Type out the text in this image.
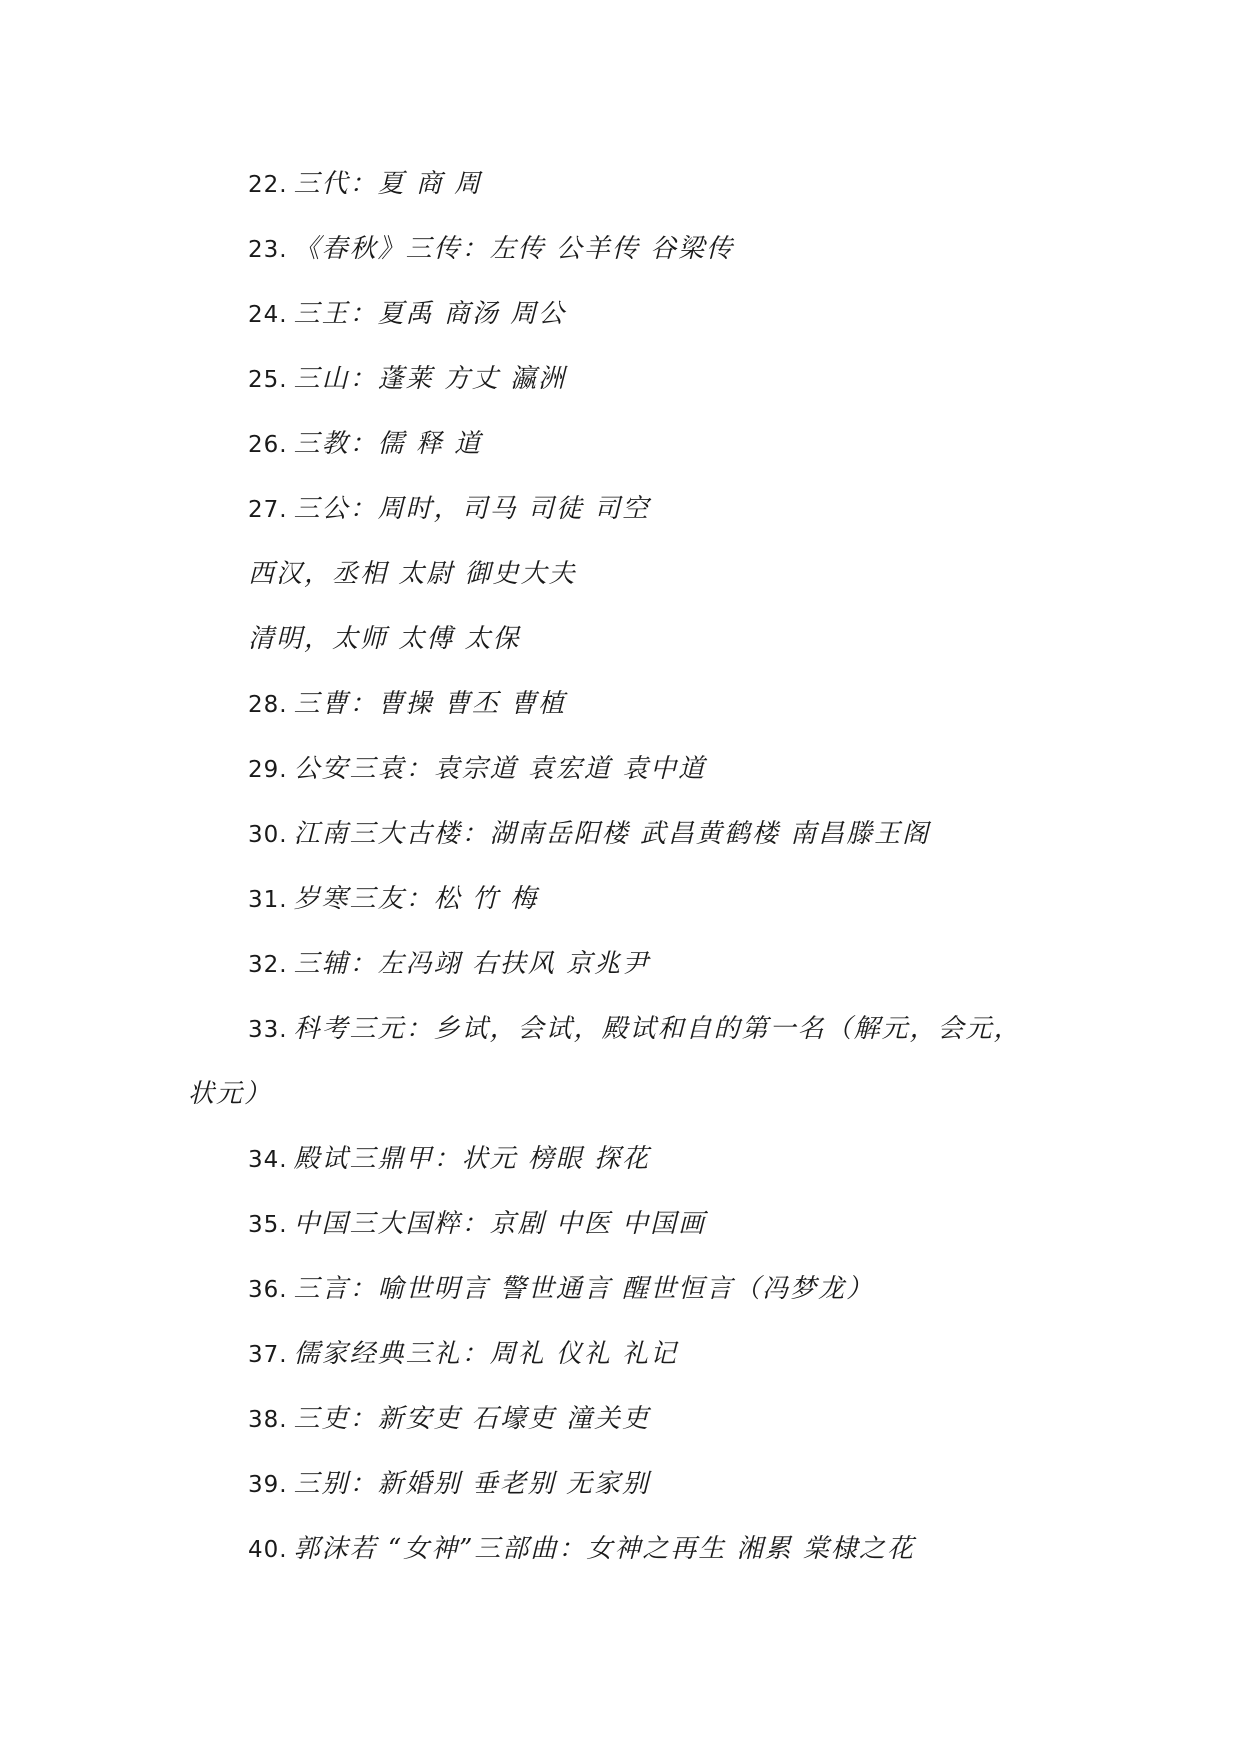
22. 三代：夏 商 周
23. 《春秋》三传：左传 公羊传 谷梁传
24. 三王：夏禹 商汤 周公
25. 三山：蓬莱 方丈 瀛洲
26. 三教：儒 释 道
27. 三公：周时，司马 司徒 司空
西汉，丞相 太尉 御史大夫
清明，太师 太傅 太保
28. 三曹：曹操 曹丕 曹植
29. 公安三袁：袁宗道 袁宏道 袁中道
30. 江南三大古楼：湖南岳阳楼 武昌黄鹤楼 南昌滕王阁
31. 岁寒三友：松 竹 梅
32. 三辅：左冯翊 右扶风 京兆尹
33. 科考三元：乡试，会试，殿试和自的第一名（解元，会元，
状元）
34. 殿试三鼎甲：状元 榜眼 探花
35. 中国三大国粹：京剧 中医 中国画
36. 三言：喻世明言 警世通言 醒世恒言（冯梦龙）
37. 儒家经典三礼：周礼 仪礼 礼记
38. 三吏：新安吏 石壕吏 潼关吏
39. 三别：新婚别 垂老别 无家别
40. 郭沫若 “女神”三部曲：女神之再生 湘累 棠棣之花
